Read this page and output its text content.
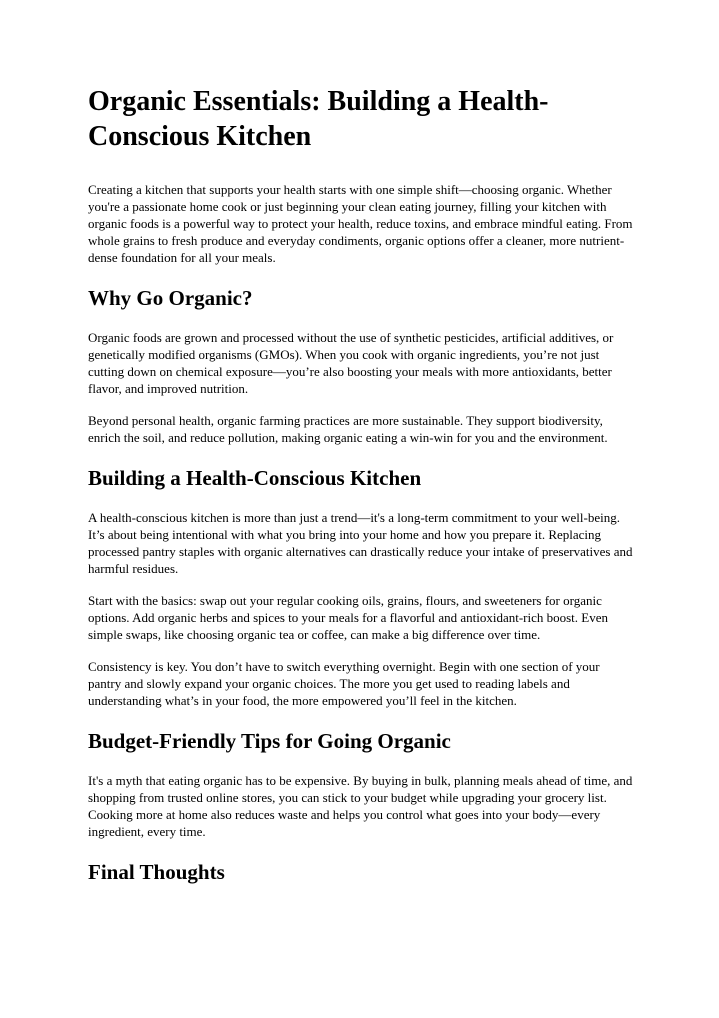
Organic Essentials: Building a Health-Conscious Kitchen

Creating a kitchen that supports your health starts with one simple shift—choosing organic. Whether you're a passionate home cook or just beginning your clean eating journey, filling your kitchen with organic foods is a powerful way to protect your health, reduce toxins, and embrace mindful eating. From whole grains to fresh produce and everyday condiments, organic options offer a cleaner, more nutrient-dense foundation for all your meals.

Why Go Organic?

Organic foods are grown and processed without the use of synthetic pesticides, artificial additives, or genetically modified organisms (GMOs). When you cook with organic ingredients, you’re not just cutting down on chemical exposure—you’re also boosting your meals with more antioxidants, better flavor, and improved nutrition.

Beyond personal health, organic farming practices are more sustainable. They support biodiversity, enrich the soil, and reduce pollution, making organic eating a win-win for you and the environment.

Building a Health-Conscious Kitchen

A health-conscious kitchen is more than just a trend—it's a long-term commitment to your well-being. It’s about being intentional with what you bring into your home and how you prepare it. Replacing processed pantry staples with organic alternatives can drastically reduce your intake of preservatives and harmful residues.

Start with the basics: swap out your regular cooking oils, grains, flours, and sweeteners for organic options. Add organic herbs and spices to your meals for a flavorful and antioxidant-rich boost. Even simple swaps, like choosing organic tea or coffee, can make a big difference over time.

Consistency is key. You don’t have to switch everything overnight. Begin with one section of your pantry and slowly expand your organic choices. The more you get used to reading labels and understanding what’s in your food, the more empowered you’ll feel in the kitchen.

Budget-Friendly Tips for Going Organic

It's a myth that eating organic has to be expensive. By buying in bulk, planning meals ahead of time, and shopping from trusted online stores, you can stick to your budget while upgrading your grocery list. Cooking more at home also reduces waste and helps you control what goes into your body—every ingredient, every time.

Final Thoughts
